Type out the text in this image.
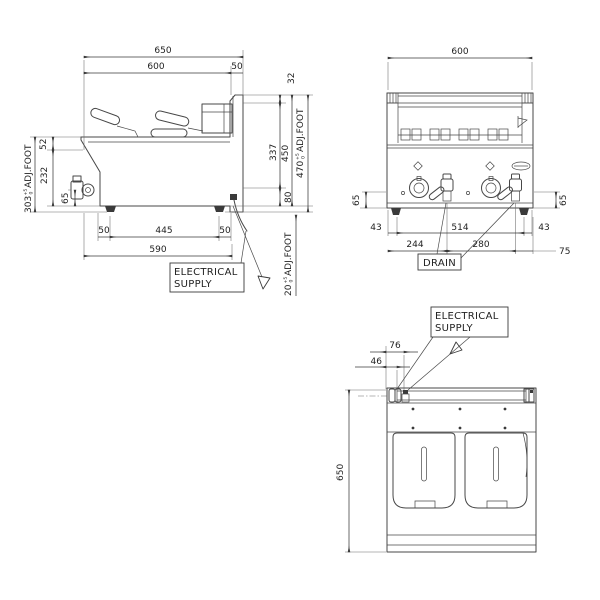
650
600	50
303
+5 0
ADJ.FOOT
52
232
65
32
337
80
450
470
+5 0
ADJ.FOOT
20
+5 0
ADJ.FOOT
50	445	50
590
ELECTRICAL
SUPPLY
600
65	65
43	514	43
244	280
75
DRAIN
650
76
46
ELECTRICAL
SUPPLY
